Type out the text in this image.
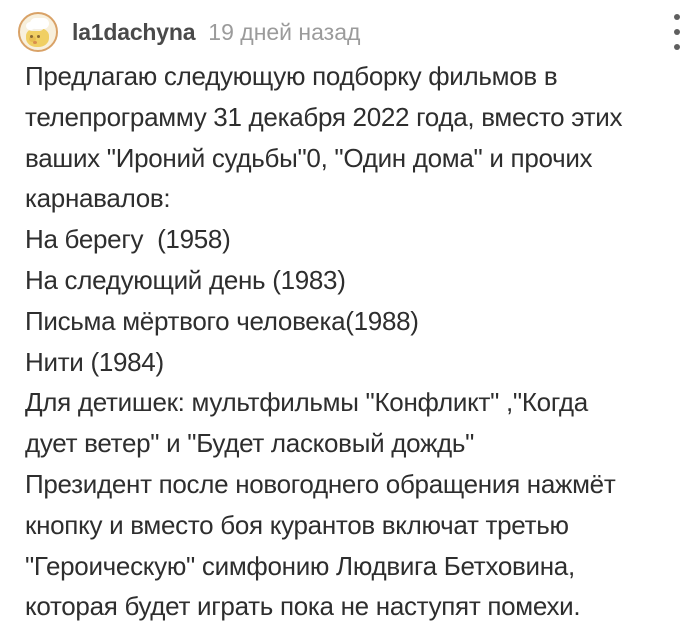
la1dachyna 19 дней назад
Предлагаю следующую подборку фильмов в
телепрограмму 31 декабря 2022 года, вместо этих
ваших "Ироний судьбы"0, "Один дома" и прочих
карнавалов:
На берегу  (1958)
На следующий день (1983)
Письма мёртвого человека(1988)
Нити (1984)
Для детишек: мультфильмы "Конфликт" ,"Когда
дует ветер" и "Будет ласковый дождь"
Президент после новогоднего обращения нажмёт
кнопку и вместо боя курантов включат третью
"Героическую" симфонию Людвига Бетховина,
которая будет играть пока не наступят помехи.
